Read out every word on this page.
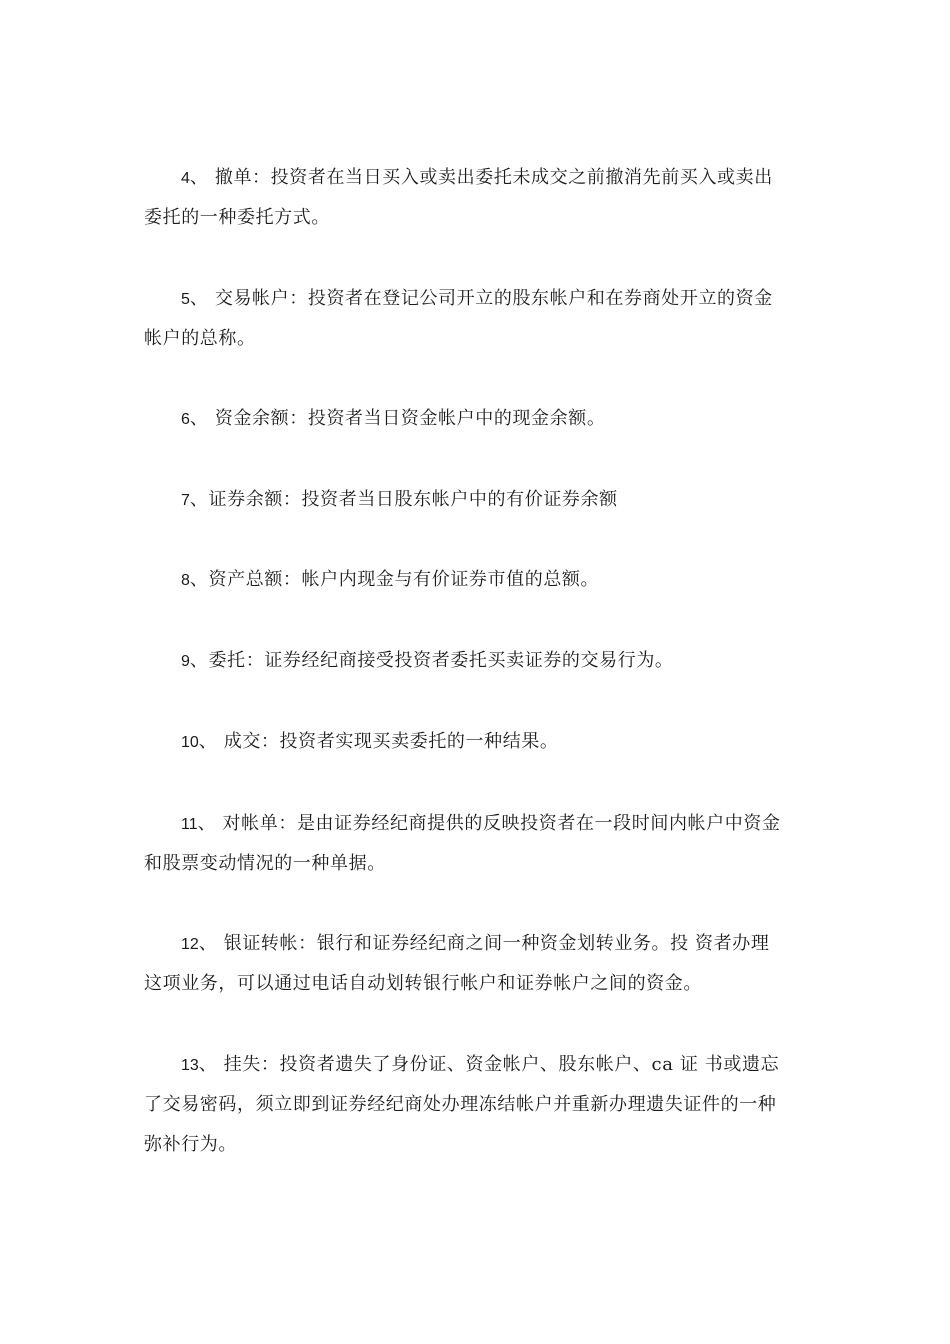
4、 撤单：投资者在当日买入或卖出委托未成交之前撤消先前买入或卖出
委托的一种委托方式。
5、 交易帐户：投资者在登记公司开立的股东帐户和在券商处开立的资金
帐户的总称。
6、 资金余额：投资者当日资金帐户中的现金余额。
7、证券余额：投资者当日股东帐户中的有价证券余额
8、资产总额：帐户内现金与有价证券市值的总额。
9、委托：证券经纪商接受投资者委托买卖证券的交易行为。
10、 成交：投资者实现买卖委托的一种结果。
11、 对帐单：是由证券经纪商提供的反映投资者在一段时间内帐户中资金
和股票变动情况的一种单据。
12、 银证转帐：银行和证券经纪商之间一种资金划转业务。投 资者办理
这项业务，可以通过电话自动划转银行帐户和证券帐户之间的资金。
13、 挂失：投资者遗失了身份证、资金帐户、股东帐户、ca 证 书或遗忘
了交易密码，须立即到证券经纪商处办理冻结帐户并重新办理遗失证件的一种
弥补行为。
